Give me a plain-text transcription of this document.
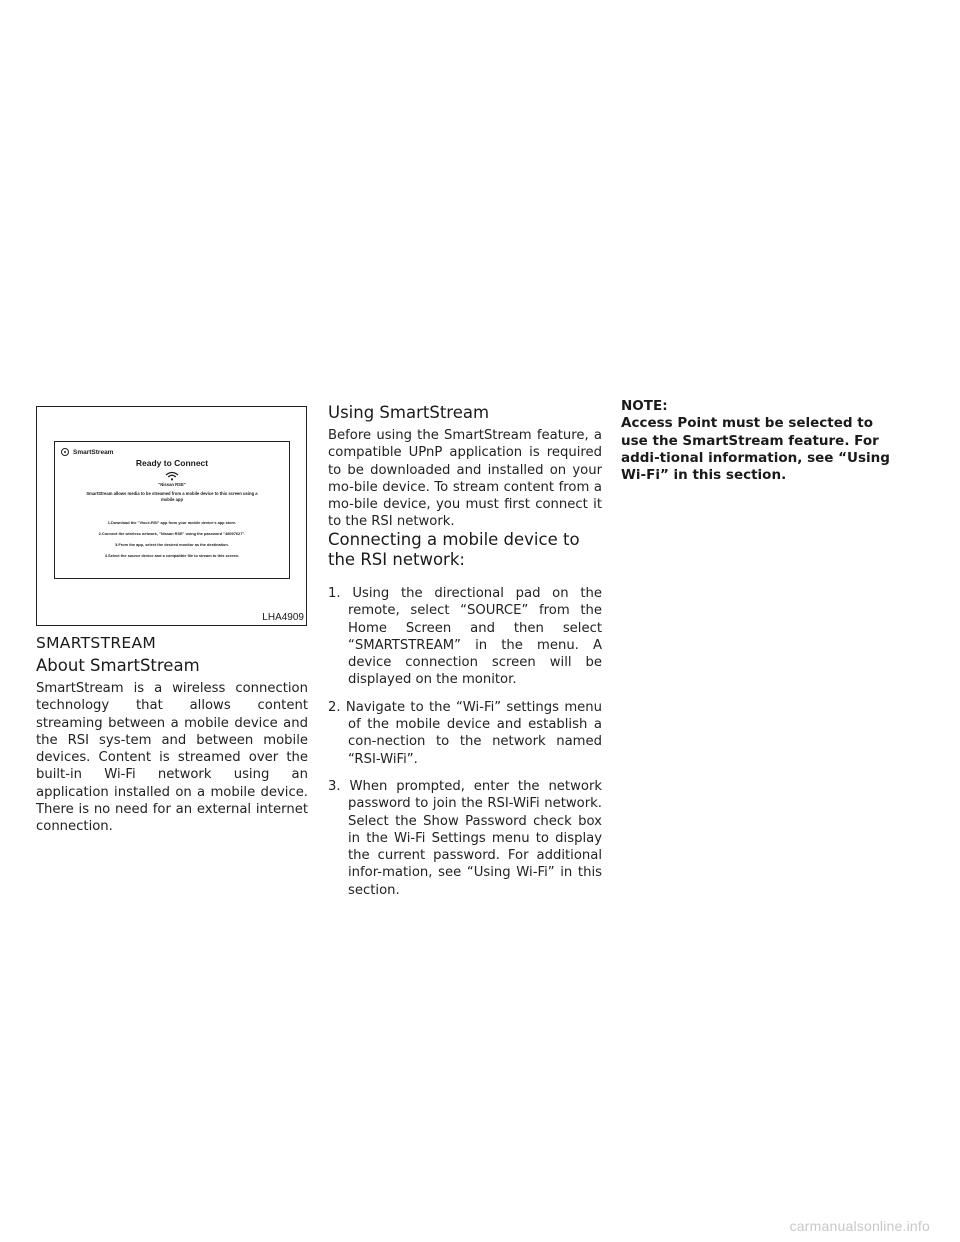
SmartStream
Ready to Connect
"Nissan RSE"
SmartStream allows media to be streamed from a mobile device to this screen using a mobile app
1.Download the "Vioce-RSI" app from your mobile device's app store.
2.Connect the wireless network, "Nissan RSE" using the password "48097627".
3.From the app, select the desired monitor as the destination.
4.Select the source device and a compatible file to stream to this screen.
LHA4909
SMARTSTREAM
About SmartStream

SmartStream is a wireless connection technology that allows content streaming between a mobile device and the RSI sys-tem and between mobile devices. Content is streamed over the built-in Wi-Fi network using an application installed on a mobile device. There is no need for an external internet connection.

Using SmartStream

Before using the SmartStream feature, a compatible UPnP application is required to be downloaded and installed on your mo-bile device. To stream content from a mo-bile device, you must first connect it to the RSI network.

Connecting a mobile device to the RSI network:
1. Using the directional pad on the remote, select “SOURCE” from the Home Screen and then select “SMARTSTREAM” in the menu. A device connection screen will be displayed on the monitor.
2. Navigate to the “Wi-Fi” settings menu of the mobile device and establish a con-nection to the network named “RSI-WiFi”.
3. When prompted, enter the network password to join the RSI-WiFi network. Select the Show Password check box in the Wi-Fi Settings menu to display the current password. For additional infor-mation, see “Using Wi-Fi” in this section.

NOTE:
Access Point must be selected to use the SmartStream feature. For addi-tional information, see “Using Wi-Fi” in this section.

carmanualsonline.info
